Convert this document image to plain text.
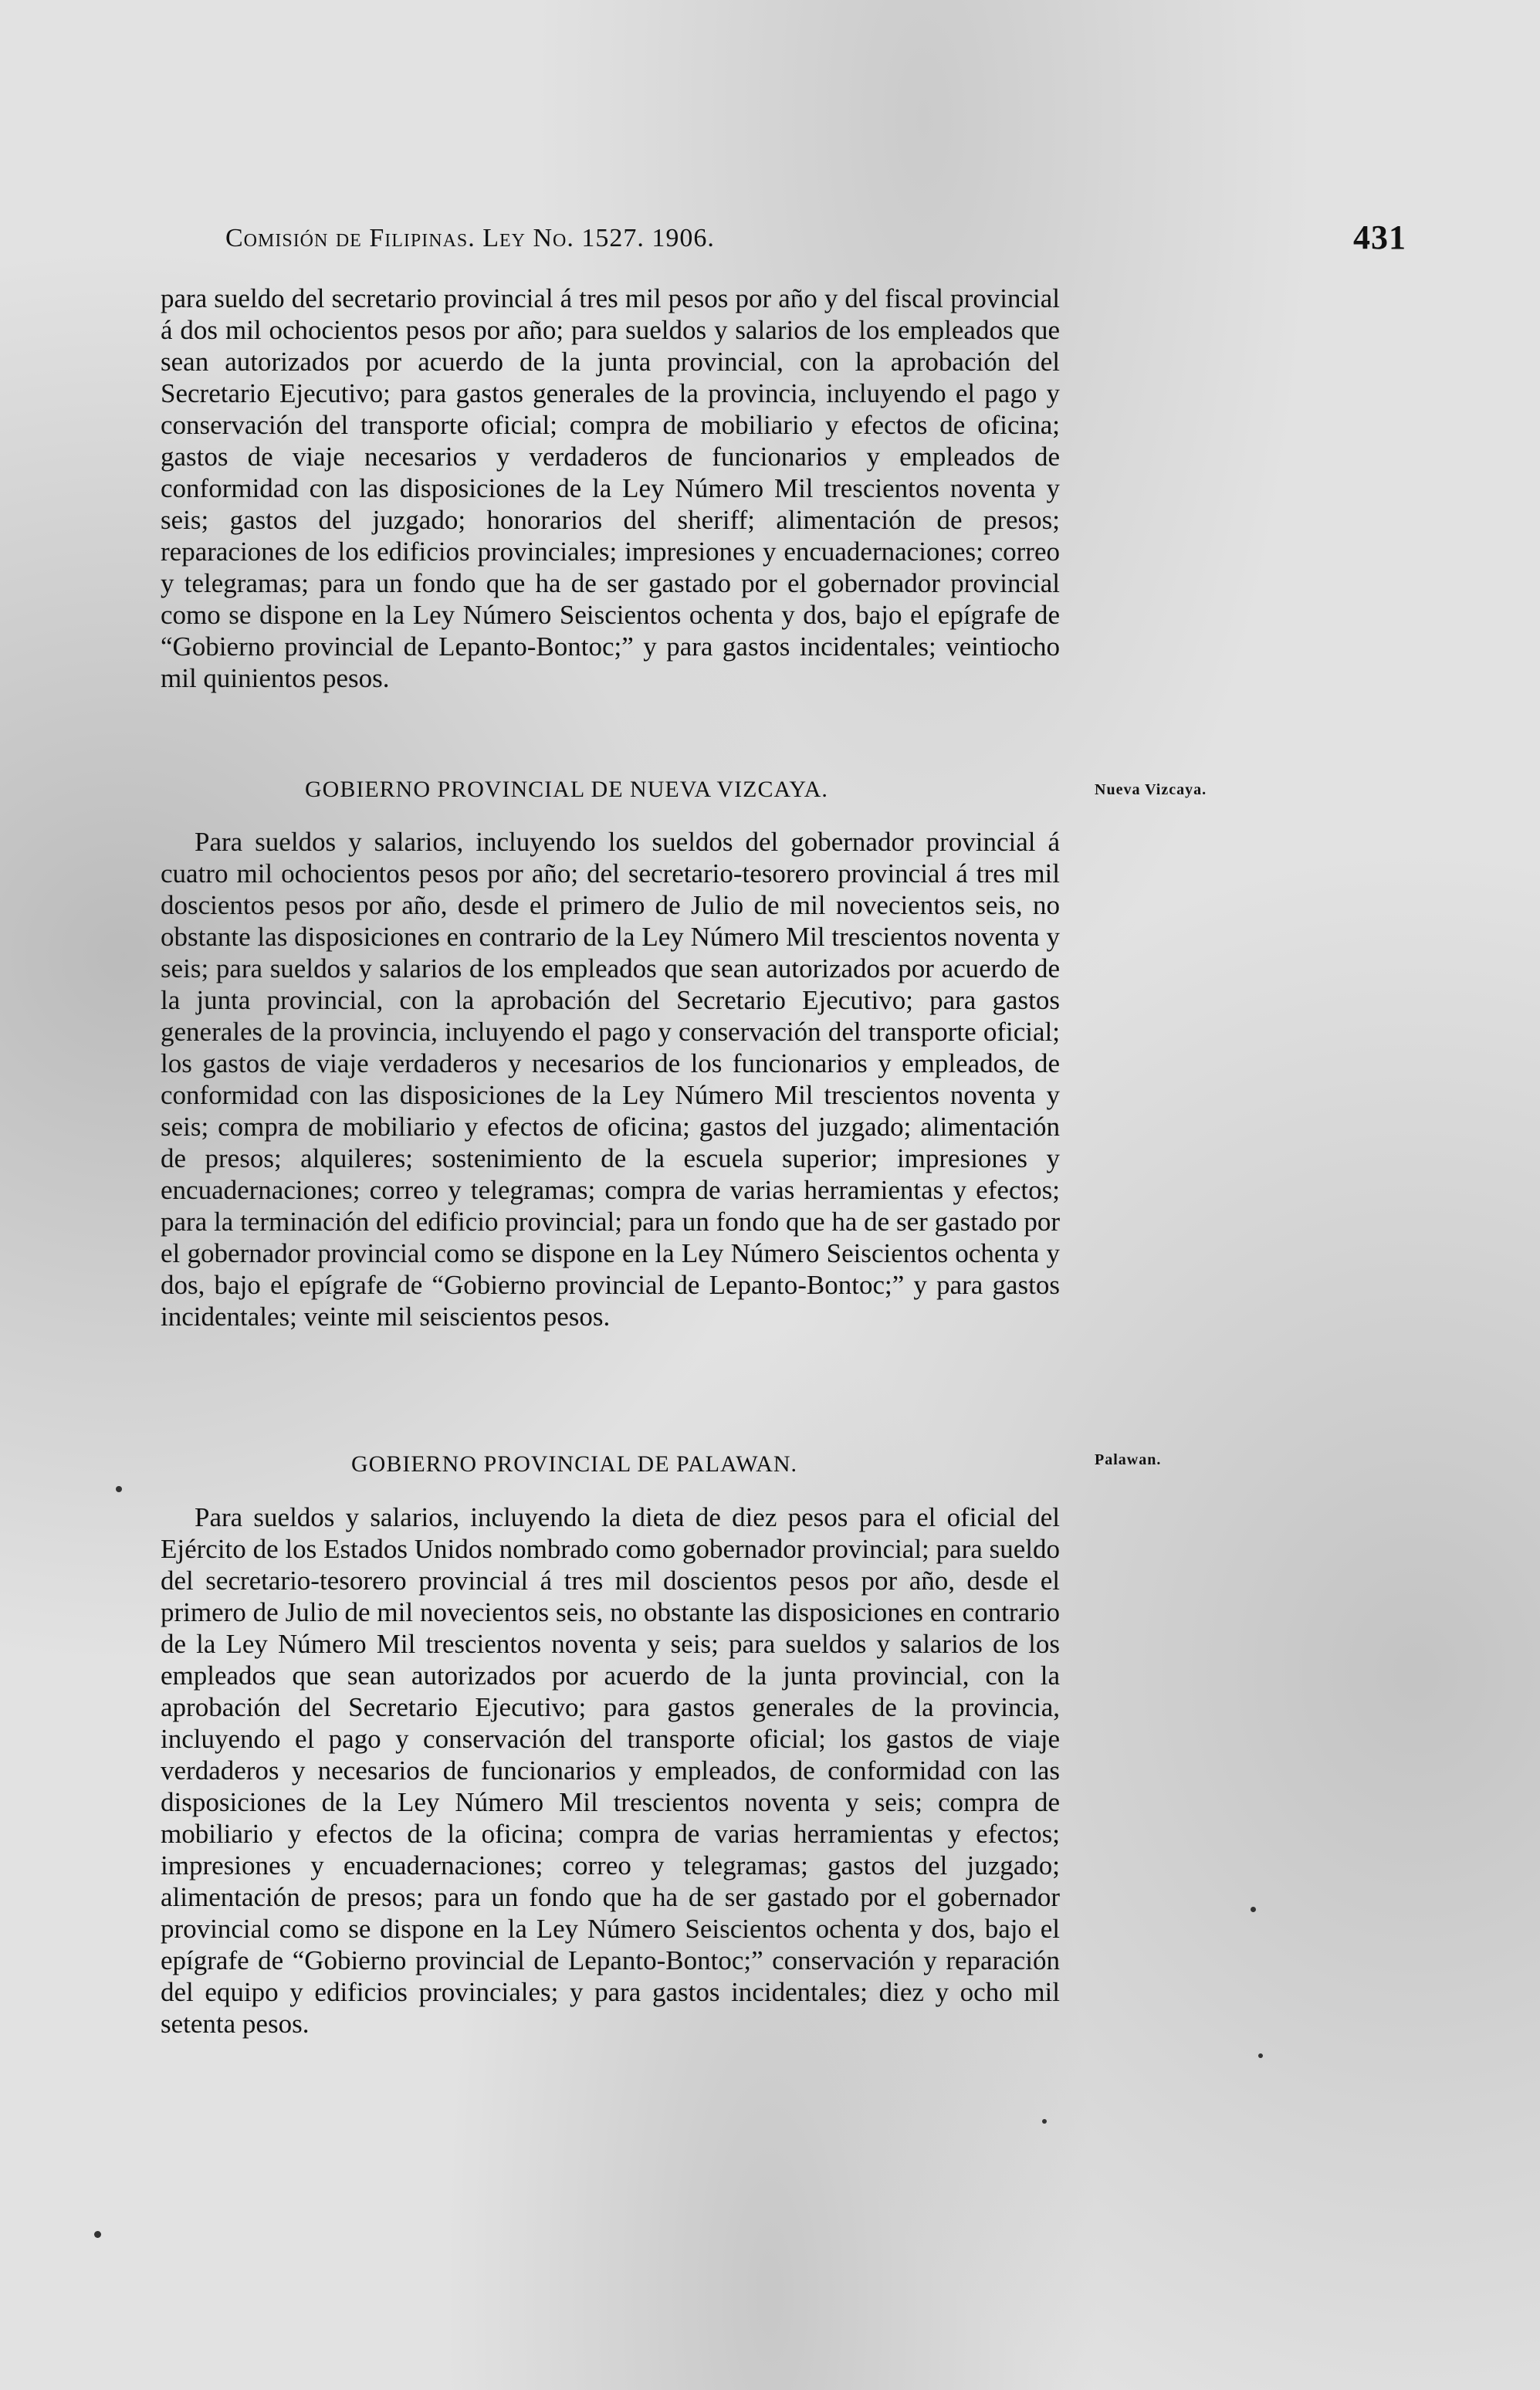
Comisión de Filipinas. Ley No. 1527. 1906.	431

para sueldo del secretario provincial á tres mil pesos por año y del fiscal provincial á dos mil ochocientos pesos por año; para sueldos y salarios de los empleados que sean autorizados por acuerdo de la junta provincial, con la aprobación del Secretario Ejecutivo; para gastos generales de la provincia, incluyendo el pago y conservación del transporte oficial; compra de mobiliario y efectos de oficina; gastos de viaje necesarios y verdaderos de funcionarios y empleados de conformidad con las disposiciones de la Ley Número Mil trescientos noventa y seis; gastos del juzgado; honorarios del sheriff; alimentación de presos; reparaciones de los edificios provinciales; impresiones y encuadernaciones; correo y telegramas; para un fondo que ha de ser gastado por el gobernador provincial como se dispone en la Ley Número Seiscientos ochenta y dos, bajo el epígrafe de “Gobierno provincial de Lepanto-Bontoc;” y para gastos incidentales; veintiocho mil quinientos pesos.

GOBIERNO PROVINCIAL DE NUEVA VIZCAYA.	Nueva Vizcaya.

Para sueldos y salarios, incluyendo los sueldos del gobernador provincial á cuatro mil ochocientos pesos por año; del secretario-tesorero provincial á tres mil doscientos pesos por año, desde el primero de Julio de mil novecientos seis, no obstante las disposiciones en contrario de la Ley Número Mil trescientos noventa y seis; para sueldos y salarios de los empleados que sean autorizados por acuerdo de la junta provincial, con la aprobación del Secretario Ejecutivo; para gastos generales de la provincia, incluyendo el pago y conservación del transporte oficial; los gastos de viaje verdaderos y necesarios de los funcionarios y empleados, de conformidad con las disposiciones de la Ley Número Mil trescientos noventa y seis; compra de mobiliario y efectos de oficina; gastos del juzgado; alimentación de presos; alquileres; sostenimiento de la escuela superior; impresiones y encuadernaciones; correo y telegramas; compra de varias herramientas y efectos; para la terminación del edificio provincial; para un fondo que ha de ser gastado por el gobernador provincial como se dispone en la Ley Número Seiscientos ochenta y dos, bajo el epígrafe de “Gobierno provincial de Lepanto-Bontoc;” y para gastos incidentales; veinte mil seiscientos pesos.

GOBIERNO PROVINCIAL DE PALAWAN.	Palawan.

Para sueldos y salarios, incluyendo la dieta de diez pesos para el oficial del Ejército de los Estados Unidos nombrado como gobernador provincial; para sueldo del secretario-tesorero provincial á tres mil doscientos pesos por año, desde el primero de Julio de mil novecientos seis, no obstante las disposiciones en contrario de la Ley Número Mil trescientos noventa y seis; para sueldos y salarios de los empleados que sean autorizados por acuerdo de la junta provincial, con la aprobación del Secretario Ejecutivo; para gastos generales de la provincia, incluyendo el pago y conservación del transporte oficial; los gastos de viaje verdaderos y necesarios de funcionarios y empleados, de conformidad con las disposiciones de la Ley Número Mil trescientos noventa y seis; compra de mobiliario y efectos de la oficina; compra de varias herramientas y efectos; impresiones y encuadernaciones; correo y telegramas; gastos del juzgado; alimentación de presos; para un fondo que ha de ser gastado por el gobernador provincial como se dispone en la Ley Número Seiscientos ochenta y dos, bajo el epígrafe de “Gobierno provincial de Lepanto-Bontoc;” conservación y reparación del equipo y edificios provinciales; y para gastos incidentales; diez y ocho mil setenta pesos.
